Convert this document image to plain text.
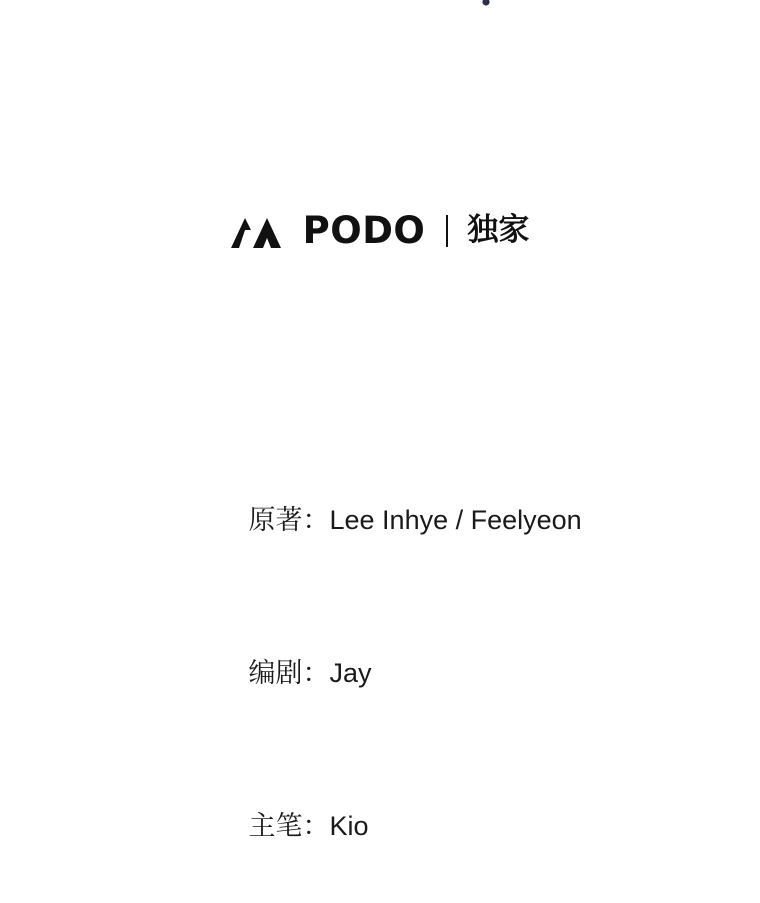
PODO 独家

原著：Lee Inhye / Feelyeon

编剧：Jay

主笔：Kio
